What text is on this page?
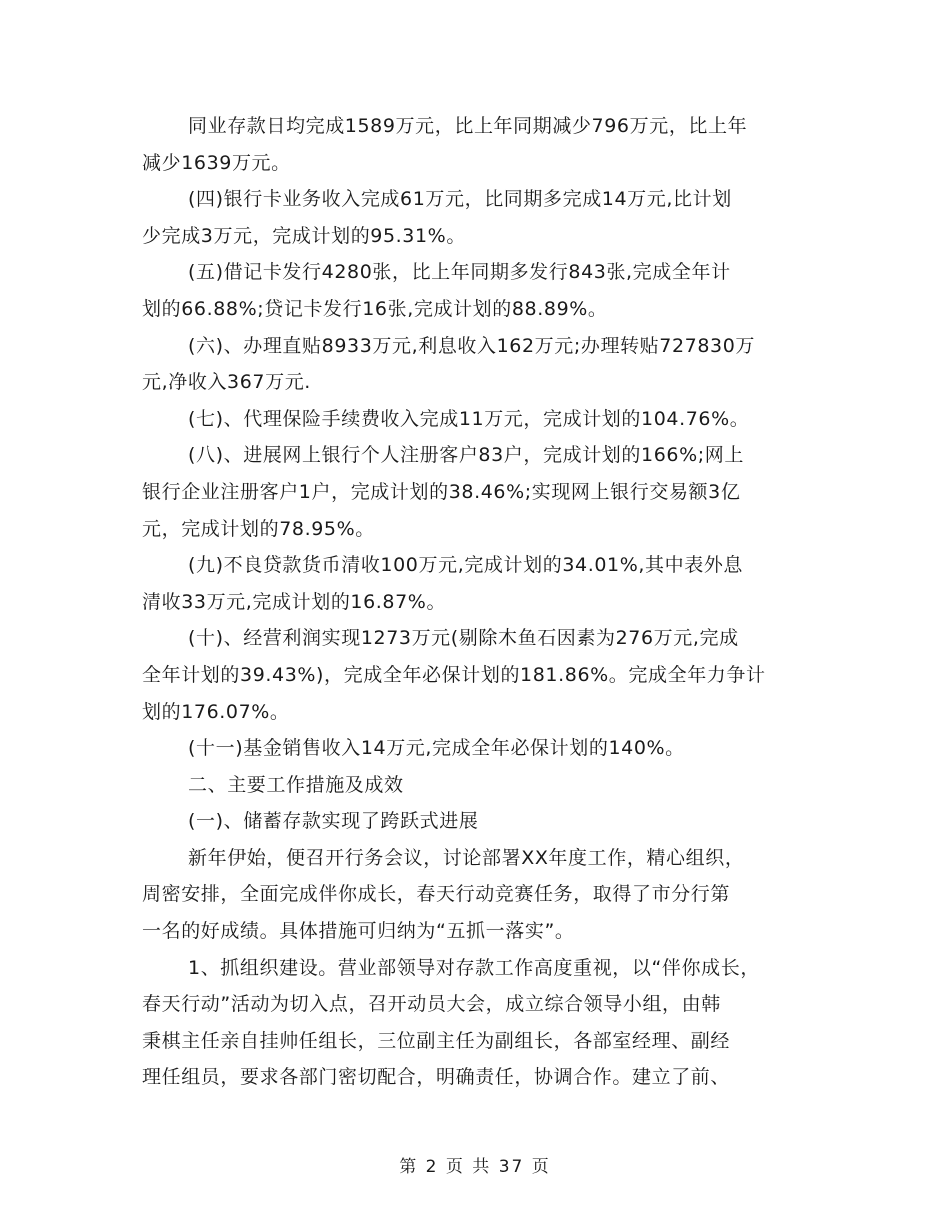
同业存款日均完成1589万元，比上年同期减少796万元，比上年
减少1639万元。
(四)银行卡业务收入完成61万元，比同期多完成14万元,比计划
少完成3万元，完成计划的95.31%。
(五)借记卡发行4280张，比上年同期多发行843张,完成全年计
划的66.88%;贷记卡发行16张,完成计划的88.89%。
(六)、办理直贴8933万元,利息收入162万元;办理转贴727830万
元,净收入367万元.
(七)、代理保险手续费收入完成11万元，完成计划的104.76%。
(八)、进展网上银行个人注册客户83户，完成计划的166%;网上
银行企业注册客户1户，完成计划的38.46%;实现网上银行交易额3亿
元，完成计划的78.95%。
(九)不良贷款货币清收100万元,完成计划的34.01%,其中表外息
清收33万元,完成计划的16.87%。
(十)、经营利润实现1273万元(剔除木鱼石因素为276万元,完成
全年计划的39.43%)，完成全年必保计划的181.86%。完成全年力争计
划的176.07%。
(十一)基金销售收入14万元,完成全年必保计划的140%。
二、主要工作措施及成效
(一)、储蓄存款实现了跨跃式进展
新年伊始，便召开行务会议，讨论部署XX年度工作，精心组织，
周密安排，全面完成伴你成长，春天行动竞赛任务，取得了市分行第
一名的好成绩。具体措施可归纳为“五抓一落实”。
1、抓组织建设。营业部领导对存款工作高度重视，以“伴你成长，
春天行动”活动为切入点，召开动员大会，成立综合领导小组，由韩
秉棋主任亲自挂帅任组长，三位副主任为副组长，各部室经理、副经
理任组员，要求各部门密切配合，明确责任，协调合作。建立了前、
第 2 页 共 37 页
